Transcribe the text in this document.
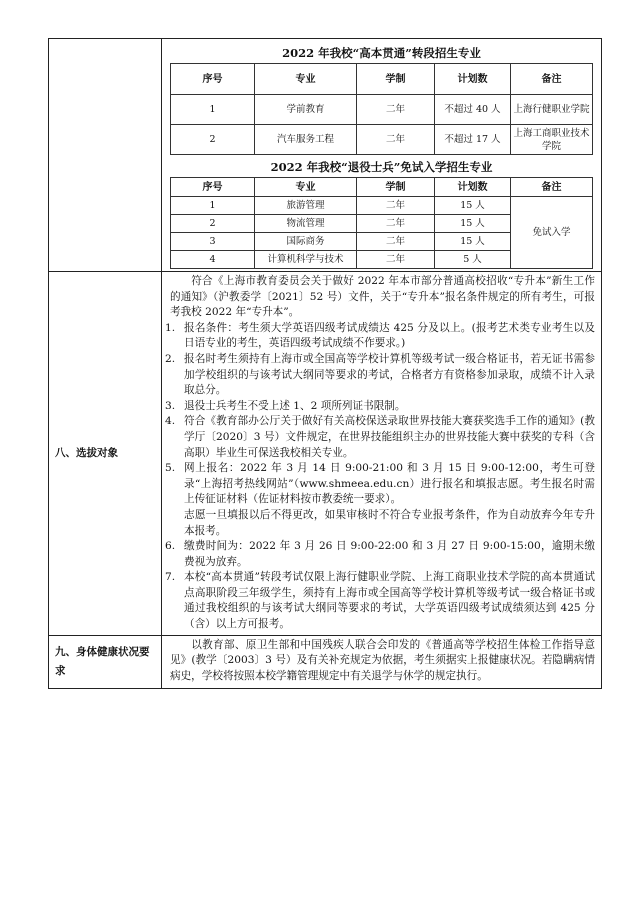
2022 年我校“高本贯通”转段招生专业
序号	专业	学制	计划数	备注
1	学前教育	二年	不超过 40 人	上海行健职业学院
2	汽车服务工程	二年	不超过 17 人	上海工商职业技术学院
2022 年我校“退役士兵”免试入学招生专业
序号	专业	学制	计划数	备注
1	旅游管理	二年	15 人	免试入学
2	物流管理	二年	15 人
3	国际商务	二年	15 人
4	计算机科学与技术	二年	5 人

八、选拔对象

符合《上海市教育委员会关于做好 2022 年本市部分普通高校招收“专升本”新生工作的通知》（沪教委学〔2021〕52 号）文件，关于“专升本”报名条件规定的所有考生，可报考我校 2022 年“专升本”。
1. 报名条件：考生须大学英语四级考试成绩达 425 分及以上。(报考艺术类专业考生以及日语专业的考生，英语四级考试成绩不作要求。)
2. 报名时考生须持有上海市或全国高等学校计算机等级考试一级合格证书，若无证书需参加学校组织的与该考试大纲同等要求的考试，合格者方有资格参加录取，成绩不计入录取总分。
3. 退役士兵考生不受上述 1、2 项所列证书限制。
4. 符合《教育部办公厅关于做好有关高校保送录取世界技能大赛获奖选手工作的通知》(教学厅〔2020〕3 号）文件规定，在世界技能组织主办的世界技能大赛中获奖的专科（含高职）毕业生可保送我校相关专业。
5. 网上报名：2022 年 3 月 14 日 9:00-21:00 和 3 月 15 日 9:00-12:00，考生可登录“上海招考热线网站”（www.shmeea.edu.cn）进行报名和填报志愿。考生报名时需上传征证材料（佐证材料按市教委统一要求）。
志愿一旦填报以后不得更改，如果审核时不符合专业报考条件，作为自动放弃今年专升本报考。
6. 缴费时间为：2022 年 3 月 26 日 9:00-22:00 和 3 月 27 日 9:00-15:00，逾期未缴费视为放弃。
7. 本校“高本贯通”转段考试仅限上海行健职业学院、上海工商职业技术学院的高本贯通试点高职阶段三年级学生，须持有上海市或全国高等学校计算机等级考试一级合格证书或通过我校组织的与该考试大纲同等要求的考试，大学英语四级考试成绩须达到 425 分（含）以上方可报考。

九、身体健康状况要求

以教育部、原卫生部和中国残疾人联合会印发的《普通高等学校招生体检工作指导意见》(教学〔2003〕3 号）及有关补充规定为依据，考生须据实上报健康状况。若隐瞒病情病史，学校将按照本校学籍管理规定中有关退学与休学的规定执行。
